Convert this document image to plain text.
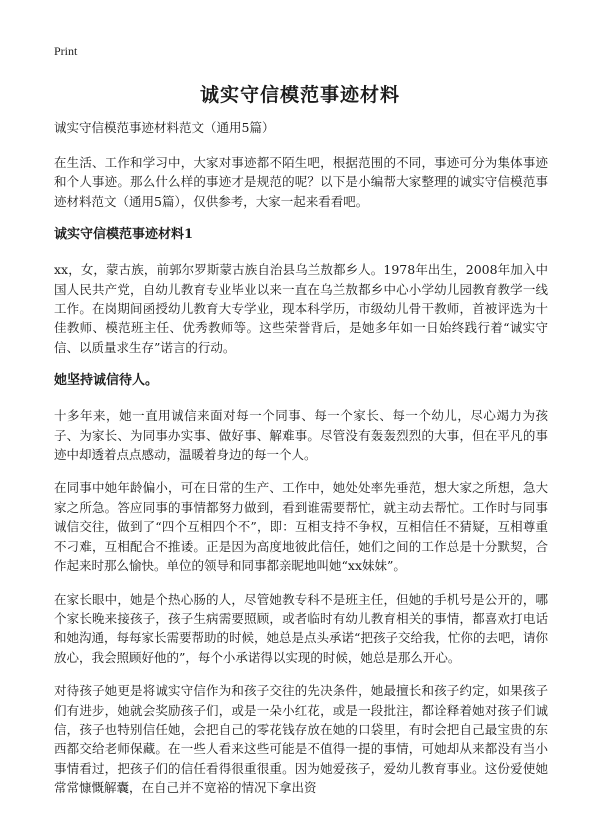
Print
诚实守信模范事迹材料
诚实守信模范事迹材料范文（通用5篇）

在生活、工作和学习中，大家对事迹都不陌生吧，根据范围的不同，事迹可分为集体事迹和个人事迹。那么什么样的事迹才是规范的呢？以下是小编帮大家整理的诚实守信模范事迹材料范文（通用5篇），仅供参考，大家一起来看看吧。

诚实守信模范事迹材料1

xx，女，蒙古族，前郭尔罗斯蒙古族自治县乌兰敖都乡人。1978年出生，2008年加入中国人民共产党，自幼儿教育专业毕业以来一直在乌兰敖都乡中心小学幼儿园教育教学一线工作。在岗期间函授幼儿教育大专学业，现本科学历，市级幼儿骨干教师，首被评选为十佳教师、模范班主任、优秀教师等。这些荣誉背后，是她多年如一日始终践行着“诚实守信、以质量求生存”诺言的行动。

她坚持诚信待人。

十多年来，她一直用诚信来面对每一个同事、每一个家长、每一个幼儿，尽心竭力为孩子、为家长、为同事办实事、做好事、解难事。尽管没有轰轰烈烈的大事，但在平凡的事迹中却透着点点感动，温暖着身边的每一个人。

在同事中她年龄偏小，可在日常的生产、工作中，她处处率先垂范，想大家之所想，急大家之所急。答应同事的事情都努力做到，看到谁需要帮忙，就主动去帮忙。工作时与同事诚信交往，做到了“四个互相四个不”，即：互相支持不争权，互相信任不猜疑，互相尊重不刁难，互相配合不推诿。正是因为高度地彼此信任，她们之间的工作总是十分默契，合作起来时那么愉快。单位的领导和同事都亲昵地叫她“xx妹妹”。

在家长眼中，她是个热心肠的人，尽管她教专科不是班主任，但她的手机号是公开的，哪个家长晚来接孩子，孩子生病需要照顾，或者临时有幼儿教育相关的事情，都喜欢打电话和她沟通，每每家长需要帮助的时候，她总是点头承诺“把孩子交给我，忙你的去吧，请你放心，我会照顾好他的”，每个小承诺得以实现的时候，她总是那么开心。

对待孩子她更是将诚实守信作为和孩子交往的先决条件，她最擅长和孩子约定，如果孩子们有进步，她就会奖励孩子们，或是一朵小红花，或是一段批注，都诠释着她对孩子们诚信，孩子也特别信任她，会把自己的零花钱存放在她的口袋里，有时会把自己最宝贵的东西都交给老师保藏。在一些人看来这些可能是不值得一提的事情，可她却从来都没有当小事情看过，把孩子们的信任看得很重很重。因为她爱孩子，爱幼儿教育事业。这份爱使她常常慷慨解囊，在自己并不宽裕的情况下拿出资
